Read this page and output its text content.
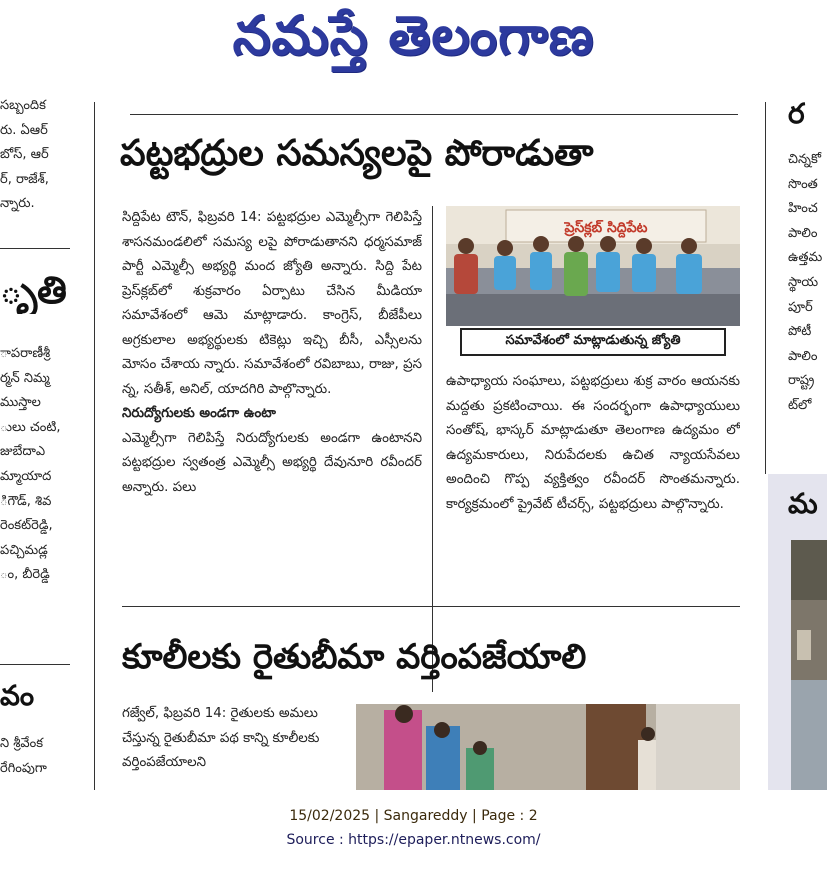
నమస్తే తెలంగాణ
సబ్బందిక
రు. ఏఆర్
బోస్, ఆర్
ర్, రాజేశ్,
న్నారు.
ృతి
ాపరాణీశ్రీ
ర్మన్ నిమ్మ
ముస్తాల
ులు చంటి,
జుబేదాఎ
మ్మాయాద
ిగౌడ్, శివ
రెంకట్‌రెడ్డి,
పచ్చిమడ్ల
ం, బీరెడ్డి
వం
ని శ్రీవేంక
రేగింపుగా
పట్టభద్రుల సమస్యలపై పోరాడుతా

సిద్దిపేట టౌన్, ఫిబ్రవరి 14: పట్టభద్రుల ఎమ్మెల్సీగా గెలిపిస్తే శాసనమండలిలో సమస్య లపై పోరాడుతానని ధర్మసమాజ్ పార్టీ ఎమ్మెల్సీ అభ్యర్థి మంద జ్యోతి అన్నారు. సిద్ది పేట ప్రెస్‌క్లబ్‌లో శుక్రవారం ఏర్పాటు చేసిన మీడియా సమావేశంలో ఆమె మాట్లాడారు. కాంగ్రెస్, బీజేపీలు అగ్రకులాల అభ్యర్థులకు టికెట్లు ఇచ్చి బీసీ, ఎస్సీలను మోసం చేశాయ న్నారు. సమావేశంలో రవిబాబు, రాజు, ప్రస న్న, సతీశ్, అనిల్, యాదగిరి పాల్గొన్నారు.

నిరుద్యోగులకు అండగా ఉంటా

ఎమ్మెల్సీగా గెలిపిస్తే నిరుద్యోగులకు అండగా ఉంటానని పట్టభద్రుల స్వతంత్ర ఎమ్మెల్సీ అభ్యర్థి దేవునూరి రవీందర్ అన్నారు. పలు

ప్రెస్‌క్లబ్ సిద్దిపేట
సమావేశంలో మాట్లాడుతున్న జ్యోతి

ఉపాధ్యాయ సంఘాలు, పట్టభద్రులు శుక్ర వారం ఆయనకు మద్దతు ప్రకటించాయి. ఈ సందర్భంగా ఉపాధ్యాయులు సంతోష్, భాస్కర్ మాట్లాడుతూ తెలంగాణ ఉద్యమం లో ఉద్యమకారులు, నిరుపేదలకు ఉచిత న్యాయసేవలు అందించి గొప్ప వ్యక్తిత్వం రవీందర్ సొంతమన్నారు. కార్యక్రమంలో ప్రైవేట్ టీచర్స్, పట్టభద్రులు పాల్గొన్నారు.

కూలీలకు రైతుబీమా వర్తింపజేయాలి

గజ్వేల్, ఫిబ్రవరి 14: రైతులకు అమలు చేస్తున్న రైతుబీమా పథ కాన్ని కూలీలకు వర్తింపజేయాలని

ర
చిన్నకో
సొంత
హించ
పాలిం
ఉత్తమ
స్థాయ
పూర్
పోటీ
పాలిం
రాష్ట్ర
ట్‌లో
మ
15/02/2025 | Sangareddy | Page : 2
Source : https://epaper.ntnews.com/
